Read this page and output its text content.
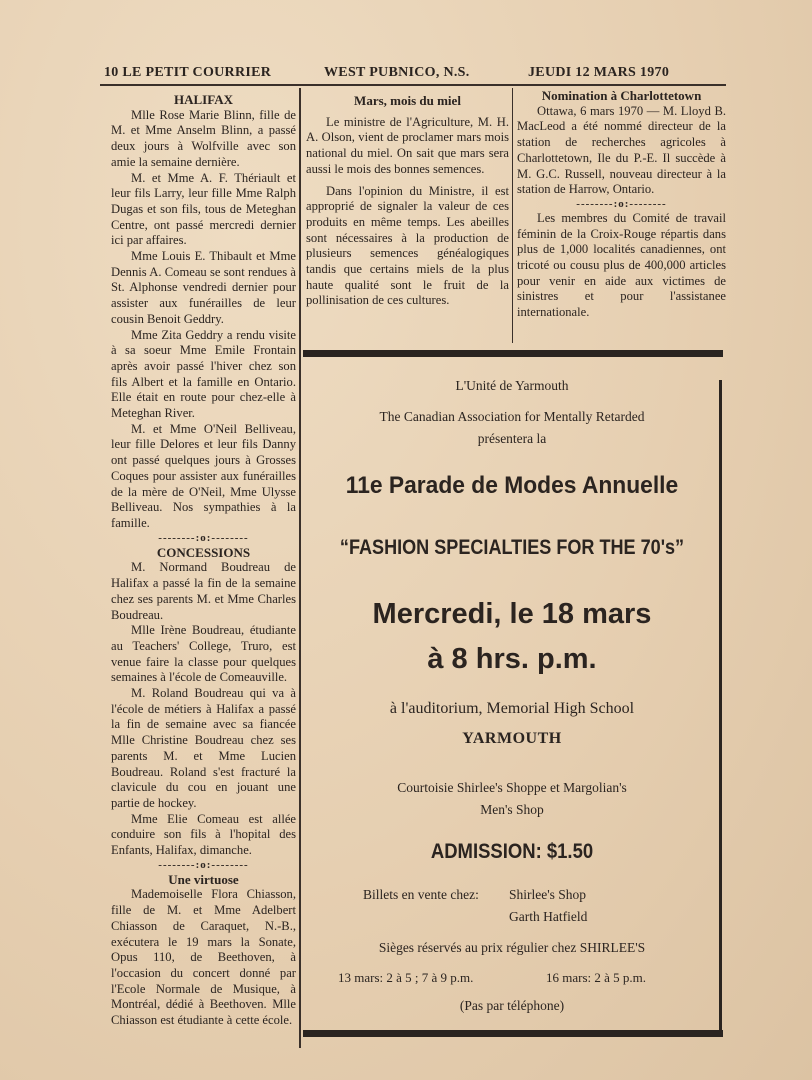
10 LE PETIT COURRIER	WEST PUBNICO, N.S.	JEUDI 12 MARS 1970
HALIFAX

Mlle Rose Marie Blinn, fille de M. et Mme Anselm Blinn, a passé deux jours à Wolfville avec son amie la semaine dernière.

M. et Mme A. F. Thériault et leur fils Larry, leur fille Mme Ralph Dugas et son fils, tous de Meteghan Centre, ont passé mercredi dernier ici par affaires.

Mme Louis E. Thibault et Mme Dennis A. Comeau se sont rendues à St. Alphonse vendredi dernier pour assister aux funérailles de leur cousin Benoit Geddry.

Mme Zita Geddry a rendu visite à sa soeur Mme Emile Frontain après avoir passé l'hiver chez son fils Albert et la famille en Ontario. Elle était en route pour chez-elle à Meteghan River.

M. et Mme O'Neil Belliveau, leur fille Delores et leur fils Danny ont passé quelques jours à Grosses Coques pour assister aux funérailles de la mère de O'Neil, Mme Ulysse Belliveau. Nos sympathies à la famille.

--------:o:--------
CONCESSIONS

M. Normand Boudreau de Halifax a passé la fin de la semaine chez ses parents M. et Mme Charles Boudreau.

Mlle Irène Boudreau, étudiante au Teachers' College, Truro, est venue faire la classe pour quelques semaines à l'école de Comeauville.

M. Roland Boudreau qui va à l'école de métiers à Halifax a passé la fin de semaine avec sa fiancée Mlle Christine Boudreau chez ses parents M. et Mme Lucien Boudreau. Roland s'est fracturé la clavicule du cou en jouant une partie de hockey.

Mme Elie Comeau est allée conduire son fils à l'hopital des Enfants, Halifax, dimanche.

--------:o:--------
Une virtuose

Mademoiselle Flora Chiasson, fille de M. et Mme Adelbert Chiasson de Caraquet, N.-B., exécutera le 19 mars la Sonate, Opus 110, de Beethoven, à l'occasion du concert donné par l'Ecole Normale de Musique, à Montréal, dédié à Beethoven. Mlle Chiasson est étudiante à cette école.

Mars, mois du miel

Le ministre de l'Agriculture, M. H. A. Olson, vient de proclamer mars mois national du miel. On sait que mars sera aussi le mois des bonnes semences.

Dans l'opinion du Ministre, il est approprié de signaler la valeur de ces produits en même temps. Les abeilles sont nécessaires à la production de plusieurs semences généalogiques tandis que certains miels de la plus haute qualité sont le fruit de la pollinisation de ces cultures.

Nomination à Charlottetown

Ottawa, 6 mars 1970 — M. Lloyd B. MacLeod a été nommé directeur de la station de recherches agricoles à Charlottetown, Ile du P.-E. Il succède à M. G.C. Russell, nouveau directeur à la station de Harrow, Ontario.

--------:o:--------

Les membres du Comité de travail féminin de la Croix-Rouge répartis dans plus de 1,000 localités canadiennes, ont tricoté ou cousu plus de 400,000 articles pour venir en aide aux victimes de sinistres et pour l'assistanee internationale.

L'Unité de Yarmouth
The Canadian Association for Mentally Retarded
présentera la
11e Parade de Modes Annuelle
“FASHION SPECIALTIES FOR THE 70's”
Mercredi, le 18 mars
à 8 hrs. p.m.
à l'auditorium, Memorial High School
YARMOUTH
Courtoisie Shirlee's Shoppe et Margolian's
Men's Shop
ADMISSION: $1.50
Billets en vente chez: Shirlee's Shop
Garth Hatfield
Sièges réservés au prix régulier chez SHIRLEE'S
13 mars: 2 à 5 ; 7 à 9 p.m.	16 mars: 2 à 5 p.m.
(Pas par téléphone)
